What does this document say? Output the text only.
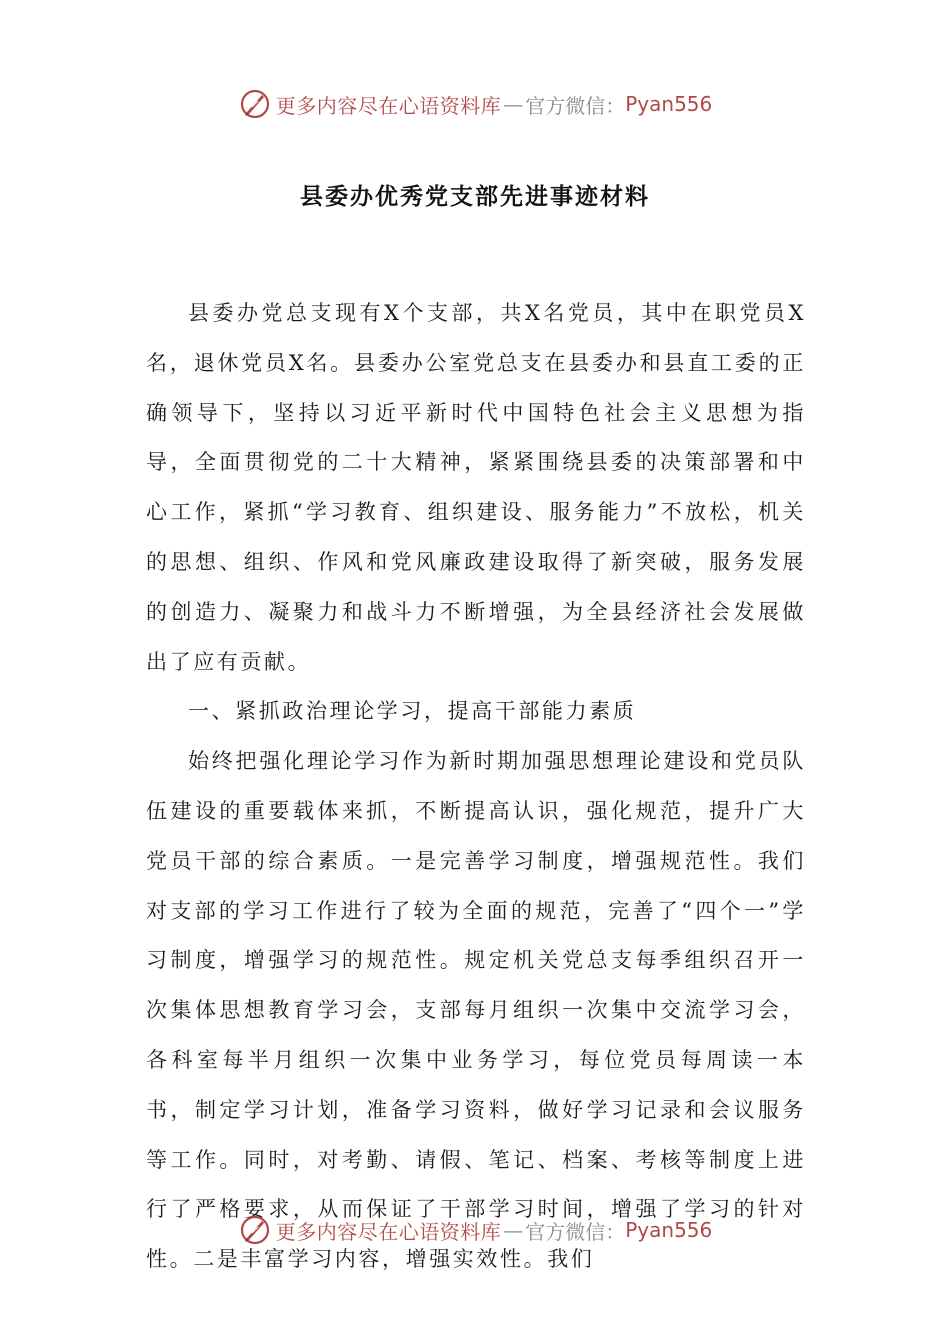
更多内容尽在心语资料库 — 官方微信： Pyan556
县委办优秀党支部先进事迹材料

县委办党总支现有X个支部，共X名党员，其中在职党员X名，退休党员X名。县委办公室党总支在县委办和县直工委的正确领导下，坚持以习近平新时代中国特色社会主义思想为指导，全面贯彻党的二十大精神，紧紧围绕县委的决策部署和中心工作，紧抓“学习教育、组织建设、服务能力”不放松，机关的思想、组织、作风和党风廉政建设取得了新突破，服务发展的创造力、凝聚力和战斗力不断增强，为全县经济社会发展做出了应有贡献。

一、紧抓政治理论学习，提高干部能力素质

始终把强化理论学习作为新时期加强思想理论建设和党员队伍建设的重要载体来抓，不断提高认识，强化规范，提升广大党员干部的综合素质。一是完善学习制度，增强规范性。我们对支部的学习工作进行了较为全面的规范，完善了“四个一”学习制度，增强学习的规范性。规定机关党总支每季组织召开一次集体思想教育学习会，支部每月组织一次集中交流学习会，各科室每半月组织一次集中业务学习，每位党员每周读一本书，制定学习计划，准备学习资料，做好学习记录和会议服务等工作。同时，对考勤、请假、笔记、档案、考核等制度上进行了严格要求，从而保证了干部学习时间，增强了学习的针对性。二是丰富学习内容，增强实效性。我们

更多内容尽在心语资料库 — 官方微信： Pyan556
